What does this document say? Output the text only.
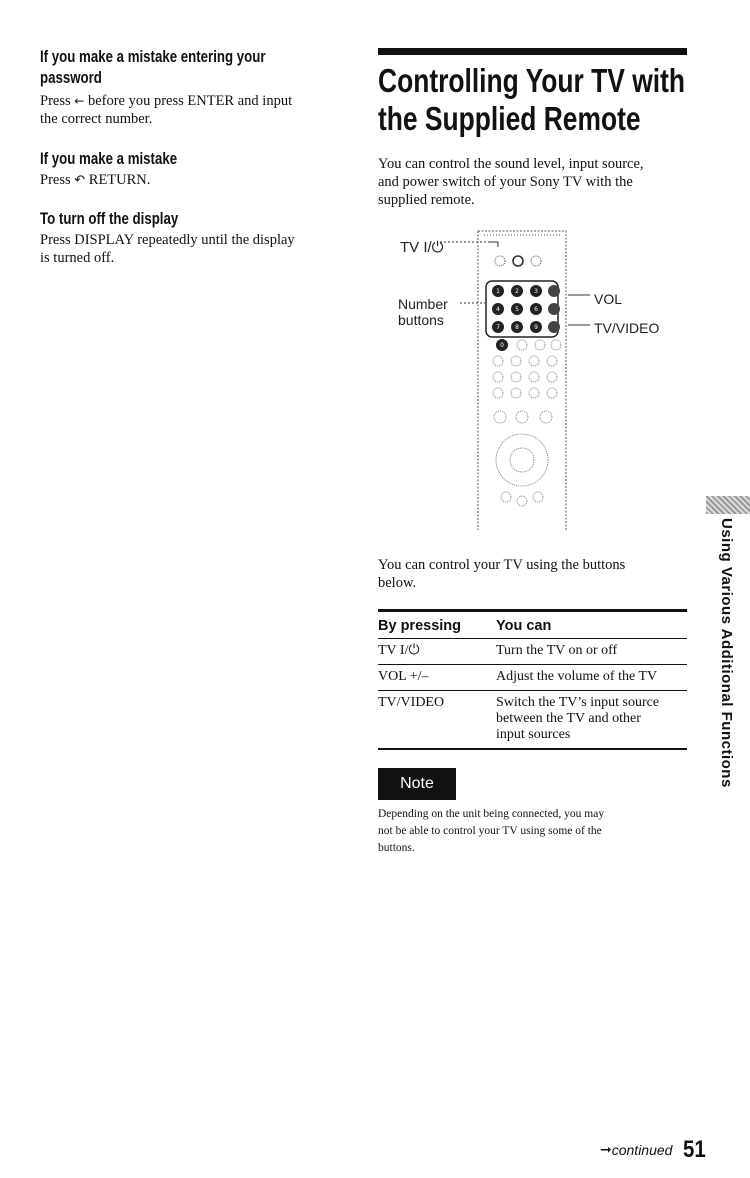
If you make a mistake entering your
password
Press ← before you press ENTER and input
the correct number.
If you make a mistake
Press ↶ RETURN.
To turn off the display
Press DISPLAY repeatedly until the display
is turned off.
Controlling Your TV with
the Supplied Remote
You can control the sound level, input source,
and power switch of your Sony TV with the
supplied remote.
TV I/⏻
Number
buttons
VOL
TV/VIDEO
1	2	3
4	5	6
7	8	9
0
You can control your TV using the buttons
below.
By pressing	You can
TV I/⏻	Turn the TV on or off

VOL +/–	Adjust the volume of the TV

TV/VIDEO	Switch the TV’s input source
between the TV and other
input sources
Note
Depending on the unit being connected, you may
not be able to control your TV using some of the
buttons.
Using Various Additional Functions
➞continued 51
